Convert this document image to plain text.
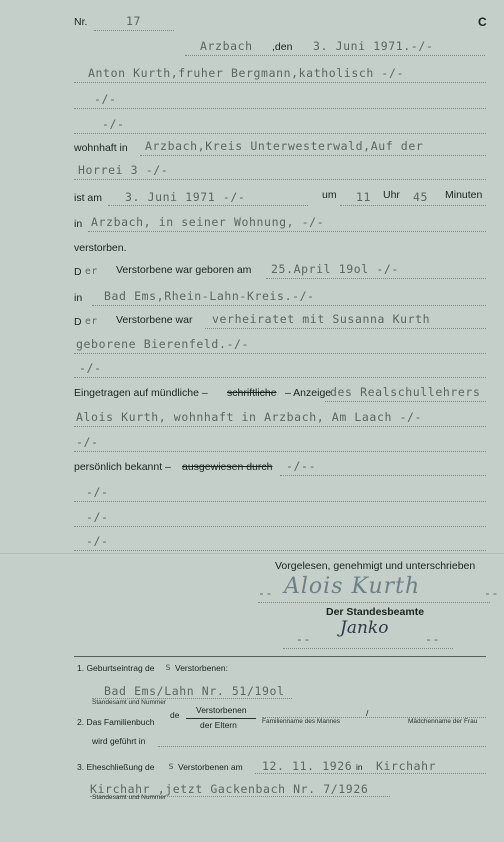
Nr.	17	C
Arzbach ,den 3. Juni 1971.-/-
Anton Kurth,fruher Bergmann,katholisch -/-
-/-
-/-
wohnhaft in Arzbach,Kreis Unterwesterwald,Auf der
Horrei 3 -/-
ist am 3. Juni 1971 -/-	um 11 Uhr 45 Minuten
in Arzbach, in seiner Wohnung, -/-
verstorben.
D er Verstorbene war geboren am 25.April 19ol -/-
in Bad Ems,Rhein-Lahn-Kreis.-/-
D er Verstorbene war verheiratet mit Susanna Kurth
geborene Bierenfeld.-/-
-/-
Eingetragen auf mündliche – schriftliche – Anzeige
des Realschullehrers
Alois Kurth, wohnhaft in Arzbach, Am Laach -/-
-/-
persönlich bekannt – ausgewiesen durch -/--
-/-
-/-
-/-
Vorgelesen, genehmigt und unterschrieben
-- Alois Kurth	--
Der Standesbeamte
--
Janko
--
1. Geburtseintrag de s Verstorbenen:
Bad Ems/Lahn Nr. 51/19ol
Standesamt und Nummer
2. Das Familienbuch
de Verstorbenen
der Eltern	Familienname des Mannes
/
Mädchenname der Frau
wird geführt in
3. Eheschließung de s Verstorbenen am 12. 11. 1926 in Kirchahr
Kirchahr ,jetzt Gackenbach Nr. 7/1926
Standesamt und Nummer
